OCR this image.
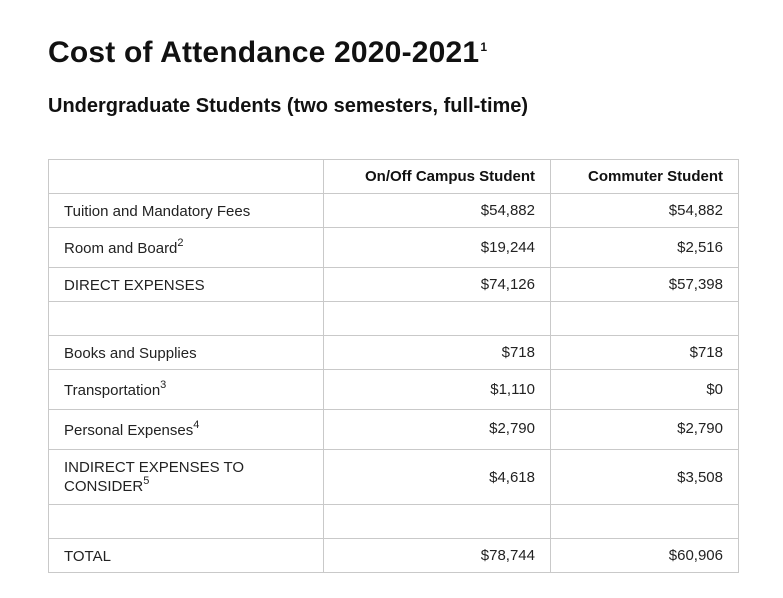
Cost of Attendance 2020-2021$^1$
Undergraduate Students (two semesters, full-time)
	On/Off Campus Student	Commuter Student
Tuition and Mandatory Fees	$54,882	$54,882
Room and Board$^2$	$19,244	$2,516
DIRECT EXPENSES	$74,126	$57,398

Books and Supplies	$718	$718
Transportation$^3$	$1,110	$0
Personal Expenses$^4$	$2,790	$2,790
INDIRECT EXPENSES TO CONSIDER$^5$	$4,618	$3,508

TOTAL	$78,744	$60,906
